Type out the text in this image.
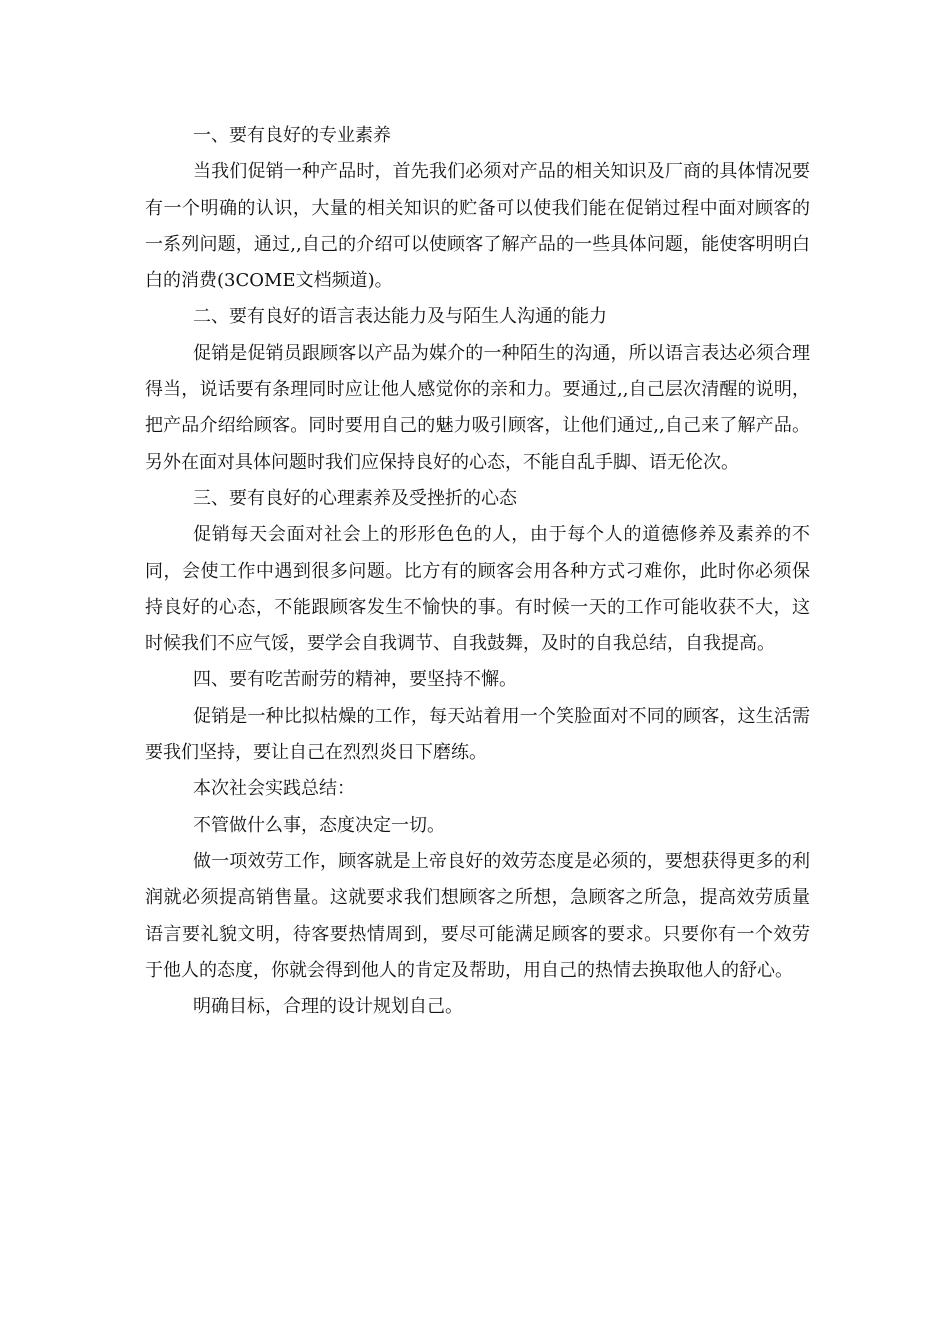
一、要有良好的专业素养

当我们促销一种产品时，首先我们必须对产品的相关知识及厂商的具体情况要有一个明确的认识，大量的相关知识的贮备可以使我们能在促销过程中面对顾客的一系列问题，通过,,自己的介绍可以使顾客了解产品的一些具体问题，能使客明明白白的消费(3COME文档频道)。

二、要有良好的语言表达能力及与陌生人沟通的能力

促销是促销员跟顾客以产品为媒介的一种陌生的沟通，所以语言表达必须合理得当，说话要有条理同时应让他人感觉你的亲和力。要通过,,自己层次清醒的说明，把产品介绍给顾客。同时要用自己的魅力吸引顾客，让他们通过,,自己来了解产品。另外在面对具体问题时我们应保持良好的心态，不能自乱手脚、语无伦次。

三、要有良好的心理素养及受挫折的心态

促销每天会面对社会上的形形色色的人，由于每个人的道德修养及素养的不同，会使工作中遇到很多问题。比方有的顾客会用各种方式刁难你，此时你必须保持良好的心态，不能跟顾客发生不愉快的事。有时候一天的工作可能收获不大，这时候我们不应气馁，要学会自我调节、自我鼓舞，及时的自我总结，自我提高。

四、要有吃苦耐劳的精神，要坚持不懈。

促销是一种比拟枯燥的工作，每天站着用一个笑脸面对不同的顾客，这生活需要我们坚持，要让自己在烈烈炎日下磨练。

本次社会实践总结：

不管做什么事，态度决定一切。

做一项效劳工作，顾客就是上帝良好的效劳态度是必须的，要想获得更多的利润就必须提高销售量。这就要求我们想顾客之所想，急顾客之所急，提高效劳质量语言要礼貌文明，待客要热情周到，要尽可能满足顾客的要求。只要你有一个效劳于他人的态度，你就会得到他人的肯定及帮助，用自己的热情去换取他人的舒心。

明确目标，合理的设计规划自己。
